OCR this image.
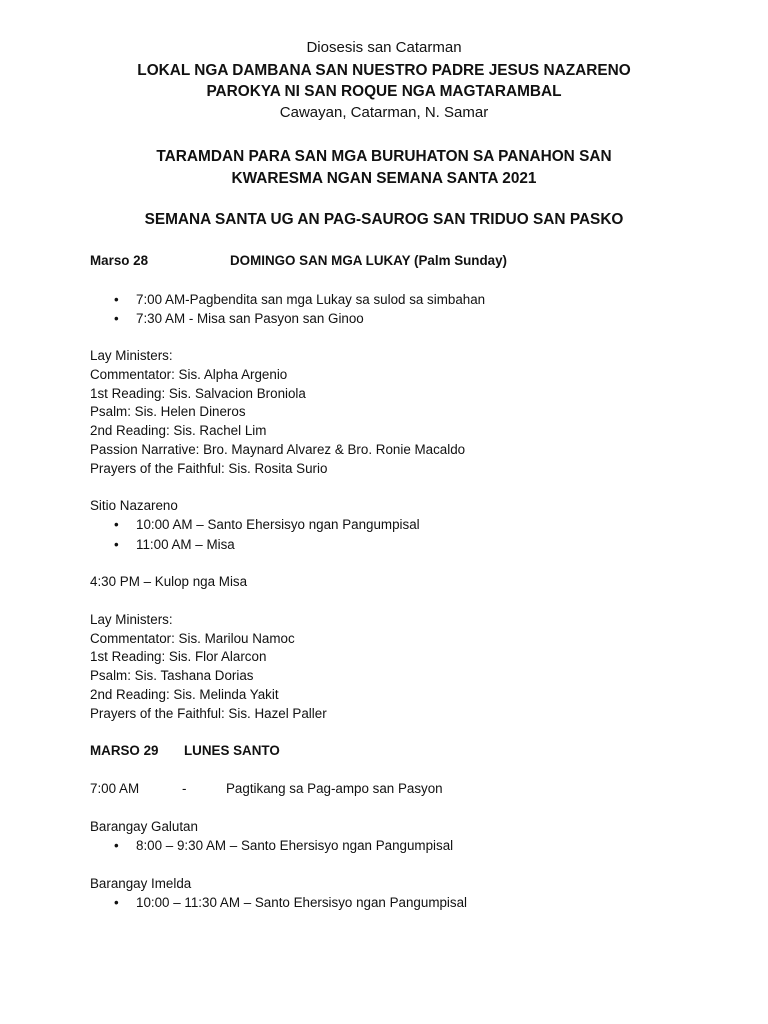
Diosesis san Catarman
LOKAL NGA DAMBANA SAN NUESTRO PADRE JESUS NAZARENO
PAROKYA NI SAN ROQUE NGA MAGTARAMBAL
Cawayan, Catarman, N. Samar
TARAMDAN PARA SAN MGA BURUHATON SA PANAHON SAN
KWARESMA NGAN SEMANA SANTA 2021
SEMANA SANTA UG AN PAG-SAUROG SAN TRIDUO SAN PASKO
Marso 28	DOMINGO SAN MGA LUKAY (Palm Sunday)
• 7:00 AM-Pagbendita san mga Lukay sa sulod sa simbahan
• 7:30 AM - Misa san Pasyon san Ginoo
Lay Ministers:
Commentator: Sis. Alpha Argenio
1st Reading: Sis. Salvacion Broniola
Psalm: Sis. Helen Dineros
2nd Reading: Sis. Rachel Lim
Passion Narrative: Bro. Maynard Alvarez & Bro. Ronie Macaldo
Prayers of the Faithful: Sis. Rosita Surio
Sitio Nazareno
• 10:00 AM – Santo Ehersisyo ngan Pangumpisal
• 11:00 AM – Misa
4:30 PM – Kulop nga Misa
Lay Ministers:
Commentator: Sis. Marilou Namoc
1st Reading: Sis. Flor Alarcon
Psalm: Sis. Tashana Dorias
2nd Reading: Sis. Melinda Yakit
Prayers of the Faithful: Sis. Hazel Paller
MARSO 29 LUNES SANTO
7:00 AM	-	Pagtikang sa Pag-ampo san Pasyon
Barangay Galutan
• 8:00 – 9:30 AM – Santo Ehersisyo ngan Pangumpisal
Barangay Imelda
• 10:00 – 11:30 AM – Santo Ehersisyo ngan Pangumpisal
